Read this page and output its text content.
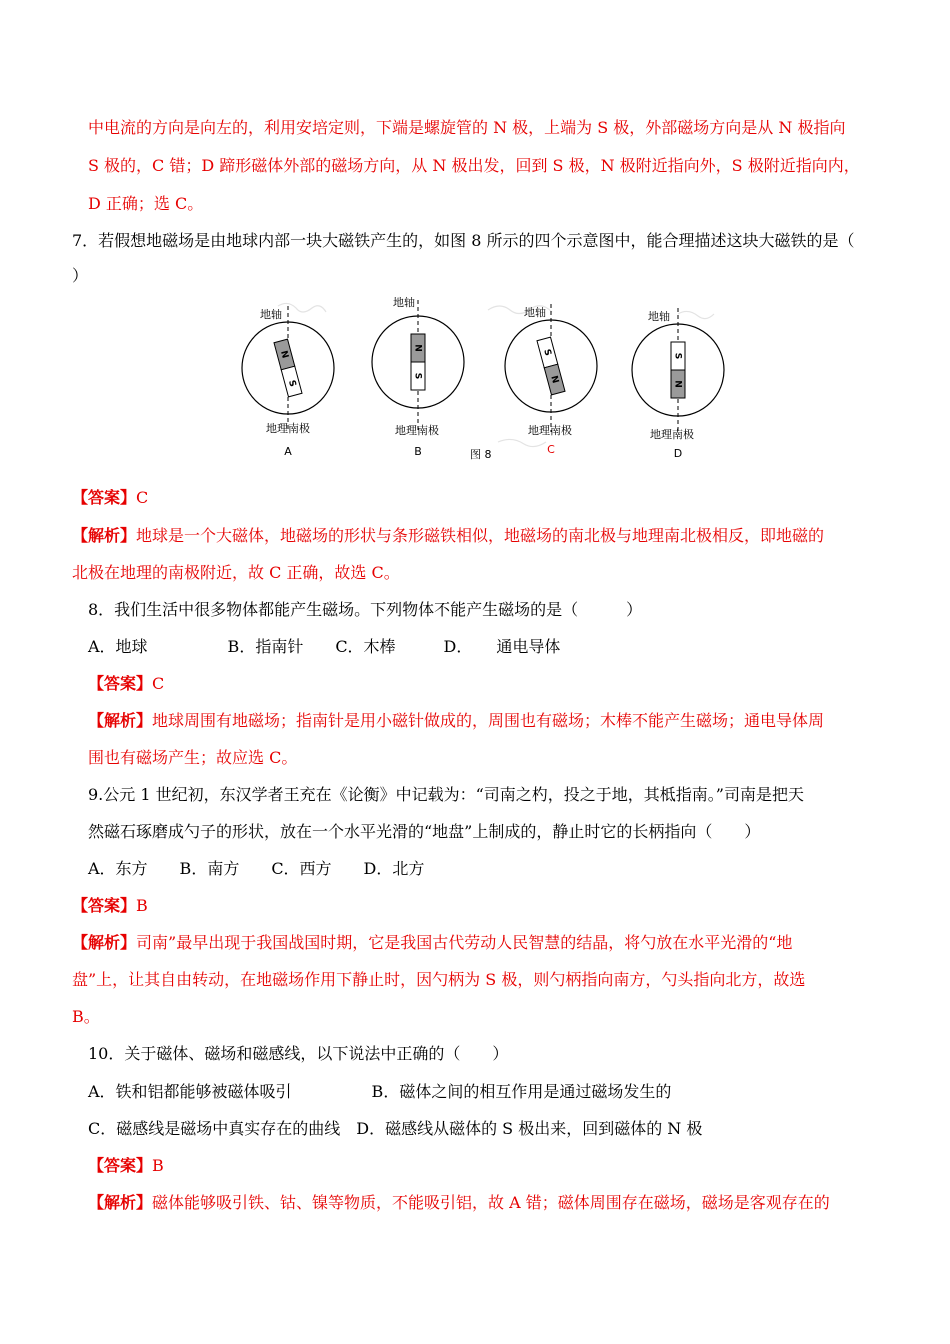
中电流的方向是向左的，利用安培定则，下端是螺旋管的 N 极，上端为 S 极，外部磁场方向是从 N 极指向
S 极的，C 错；D 蹄形磁体外部的磁场方向，从 N 极出发，回到 S 极，N 极附近指向外，S 极附近指向内，
D 正确；选 C。
7．若假想地磁场是由地球内部一块大磁铁产生的，如图 8 所示的四个示意图中，能合理描述这块大磁铁的是（
）
N
S
地轴
地理南极
A
N
S
地轴
地理南极
B
S
N
地轴
地理南极
C
S
N
地轴
地理南极
D
图 8
【答案】C
【解析】地球是一个大磁体，地磁场的形状与条形磁铁相似，地磁场的南北极与地理南北极相反，即地磁的
北极在地理的南极附近，故 C 正确，故选 C。
8．我们生活中很多物体都能产生磁场。下列物体不能产生磁场的是（　　　）
A．地球　　　　　B．指南针　　C．木棒　　　D．　　通电导体
【答案】C
【解析】地球周围有地磁场；指南针是用小磁针做成的，周围也有磁场；木棒不能产生磁场；通电导体周
围也有磁场产生；故应选 C。
9.公元 1 世纪初，东汉学者王充在《论衡》中记载为：“司南之杓，投之于地，其柢指南。”司南是把天
然磁石琢磨成勺子的形状，放在一个水平光滑的“地盘”上制成的，静止时它的长柄指向（　　）
A．东方　　B．南方　　C．西方　　D．北方
【答案】B
【解析】司南”最早出现于我国战国时期，它是我国古代劳动人民智慧的结晶，将勺放在水平光滑的“地
盘”上，让其自由转动，在地磁场作用下静止时，因勺柄为 S 极，则勺柄指向南方，勺头指向北方，故选
B。
10．关于磁体、磁场和磁感线，以下说法中正确的（　　）
A．铁和铝都能够被磁体吸引　　　　　B．磁体之间的相互作用是通过磁场发生的
C．磁感线是磁场中真实存在的曲线　D．磁感线从磁体的 S 极出来，回到磁体的 N 极
【答案】B
【解析】磁体能够吸引铁、钴、镍等物质，不能吸引铝，故 A 错；磁体周围存在磁场，磁场是客观存在的
